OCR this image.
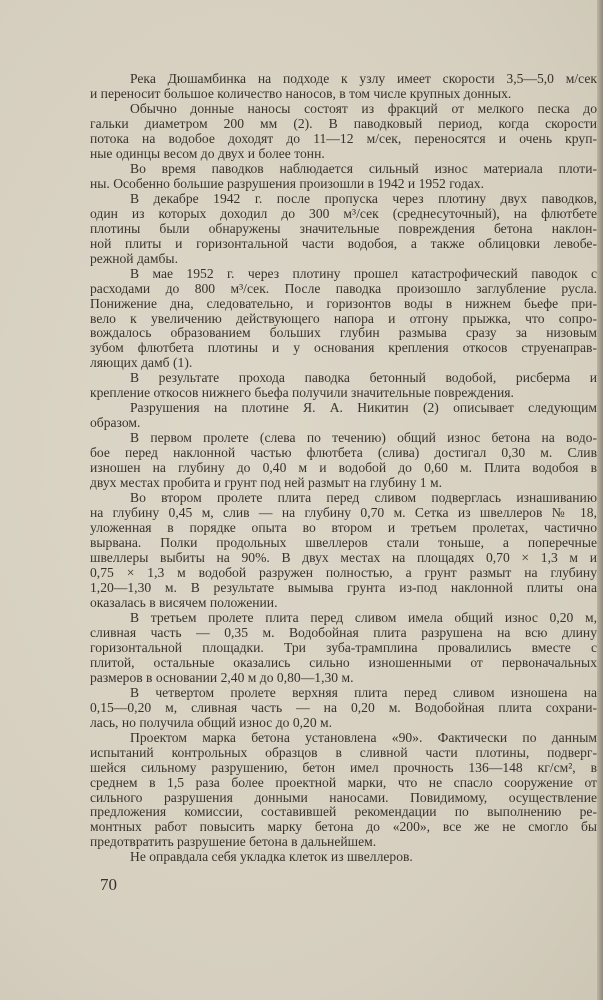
Река Дюшамбинка на подходе к узлу имеет скорости 3,5—5,0 м/сек
и переносит большое количество наносов, в том числе крупных донных.
Обычно донные наносы состоят из фракций от мелкого песка до
гальки диаметром 200 мм (2). В паводковый период, когда скорости
потока на водобое доходят до 11—12 м/сек, переносятся и очень круп-
ные одинцы весом до двух и более тонн.
Во время паводков наблюдается сильный износ материала плоти-
ны. Особенно большие разрушения произошли в 1942 и 1952 годах.
В декабре 1942 г. после пропуска через плотину двух паводков,
один из которых доходил до 300 м³/сек (среднесуточный), на флютбете
плотины были обнаружены значительные повреждения бетона наклон-
ной плиты и горизонтальной части водобоя, а также облицовки левобе-
режной дамбы.
В мае 1952 г. через плотину прошел катастрофический паводок с
расходами до 800 м³/сек. После паводка произошло заглубление русла.
Понижение дна, следовательно, и горизонтов воды в нижнем бьефе при-
вело к увеличению действующего напора и отгону прыжка, что сопро-
вождалось образованием больших глубин размыва сразу за низовым
зубом флютбета плотины и у основания крепления откосов струенаправ-
ляющих дамб (1).
В результате прохода паводка бетонный водобой, рисберма и
крепление откосов нижнего бьефа получили значительные повреждения.
Разрушения на плотине Я. А. Никитин (2) описывает следующим
образом.
В первом пролете (слева по течению) общий износ бетона на водо-
бое перед наклонной частью флютбета (слива) достигал 0,30 м. Слив
изношен на глубину до 0,40 м и водобой до 0,60 м. Плита водобоя в
двух местах пробита и грунт под ней размыт на глубину 1 м.
Во втором пролете плита перед сливом подверглась изнашиванию
на глубину 0,45 м, слив — на глубину 0,70 м. Сетка из швеллеров № 18,
уложенная в порядке опыта во втором и третьем пролетах, частично
вырвана. Полки продольных швеллеров стали тоньше, а поперечные
швеллеры выбиты на 90%. В двух местах на площадях 0,70 × 1,3 м и
0,75 × 1,3 м водобой разружен полностью, а грунт размыт на глубину
1,20—1,30 м. В результате вымыва грунта из-под наклонной плиты она
оказалась в висячем положении.
В третьем пролете плита перед сливом имела общий износ 0,20 м,
сливная часть — 0,35 м. Водобойная плита разрушена на всю длину
горизонтальной площадки. Три зуба-трамплина провалились вместе с
плитой, остальные оказались сильно изношенными от первоначальных
размеров в основании 2,40 м до 0,80—1,30 м.
В четвертом пролете верхняя плита перед сливом изношена на
0,15—0,20 м, сливная часть — на 0,20 м. Водобойная плита сохрани-
лась, но получила общий износ до 0,20 м.
Проектом марка бетона установлена «90». Фактически по данным
испытаний контрольных образцов в сливной части плотины, подверг-
шейся сильному разрушению, бетон имел прочность 136—148 кг/см², в
среднем в 1,5 раза более проектной марки, что не спасло сооружение от
сильного разрушения донными наносами. Повидимому, осуществление
предложения комиссии, составившей рекомендации по выполнению ре-
монтных работ повысить марку бетона до «200», все же не смогло бы
предотвратить разрушение бетона в дальнейшем.
Не оправдала себя укладка клеток из швеллеров.
70
